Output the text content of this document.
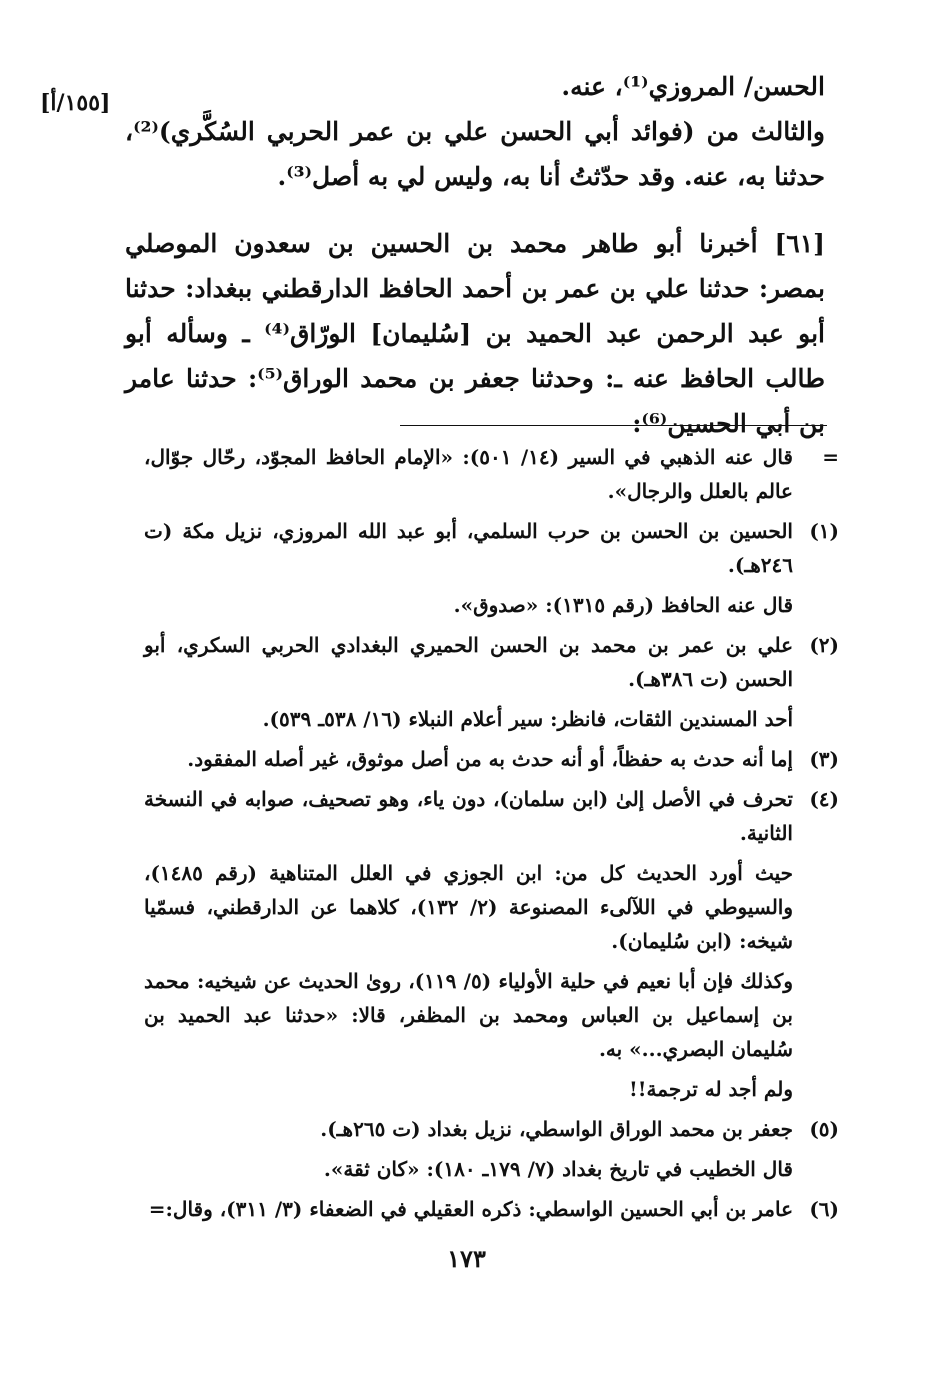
[١٥٥/أ]

الحسن/ المروزي⁽¹⁾، عنه.

والثالث من (فوائد أبي الحسن علي بن عمر الحربي السُكَّري)⁽²⁾، حدثنا به، عنه. وقد حدّثتُ أنا به، وليس لي به أصل⁽³⁾.

[٦١] أخبرنا أبو طاهر محمد بن الحسين بن سعدون الموصلي بمصر: حدثنا علي بن عمر بن أحمد الحافظ الدارقطني ببغداد: حدثنا أبو عبد الرحمن عبد الحميد بن [سُليمان] الورّاق⁽⁴⁾ ـ وسأله أبو طالب الحافظ عنه ـ: وحدثنا جعفر بن محمد الوراق⁽⁵⁾: حدثنا عامر بن أبي الحسين⁽⁶⁾:

=
قال عنه الذهبي في السير (١٤/ ٥٠١): «الإمام الحافظ المجوّد، رحّال جوّال، عالم بالعلل والرجال».
(١)
الحسين بن الحسن بن حرب السلمي، أبو عبد الله المروزي، نزيل مكة (ت ٢٤٦هـ).
قال عنه الحافظ (رقم ١٣١٥): «صدوق».
(٢)
علي بن عمر بن محمد بن الحسن الحميري البغدادي الحربي السكري، أبو الحسن (ت ٣٨٦هـ).
أحد المسندين الثقات، فانظر: سير أعلام النبلاء (١٦/ ٥٣٨ـ ٥٣٩).
(٣)
إما أنه حدث به حفظاً، أو أنه حدث به من أصل موثوق، غير أصله المفقود.
(٤)
تحرف في الأصل إلىٰ (ابن سلمان)، دون ياء، وهو تصحيف، صوابه في النسخة الثانية.
حيث أورد الحديث كل من: ابن الجوزي في العلل المتناهية (رقم ١٤٨٥)، والسيوطي في اللآلىء المصنوعة (٢/ ١٣٢)، كلاهما عن الدارقطني، فسمّيا شيخه: (ابن سُليمان).
وكذلك فإن أبا نعيم في حلية الأولياء (٥/ ١١٩)، روىٰ الحديث عن شيخيه: محمد بن إسماعيل بن العباس ومحمد بن المظفر، قالا: «حدثنا عبد الحميد بن سُليمان البصري...» به.
ولم أجد له ترجمة!!
(٥)
جعفر بن محمد الوراق الواسطي، نزيل بغداد (ت ٢٦٥هـ).
قال الخطيب في تاريخ بغداد (٧/ ١٧٩ـ ١٨٠): «كان ثقة».
(٦)
عامر بن أبي الحسين الواسطي: ذكره العقيلي في الضعفاء (٣/ ٣١١)، وقال:=
١٧٣
